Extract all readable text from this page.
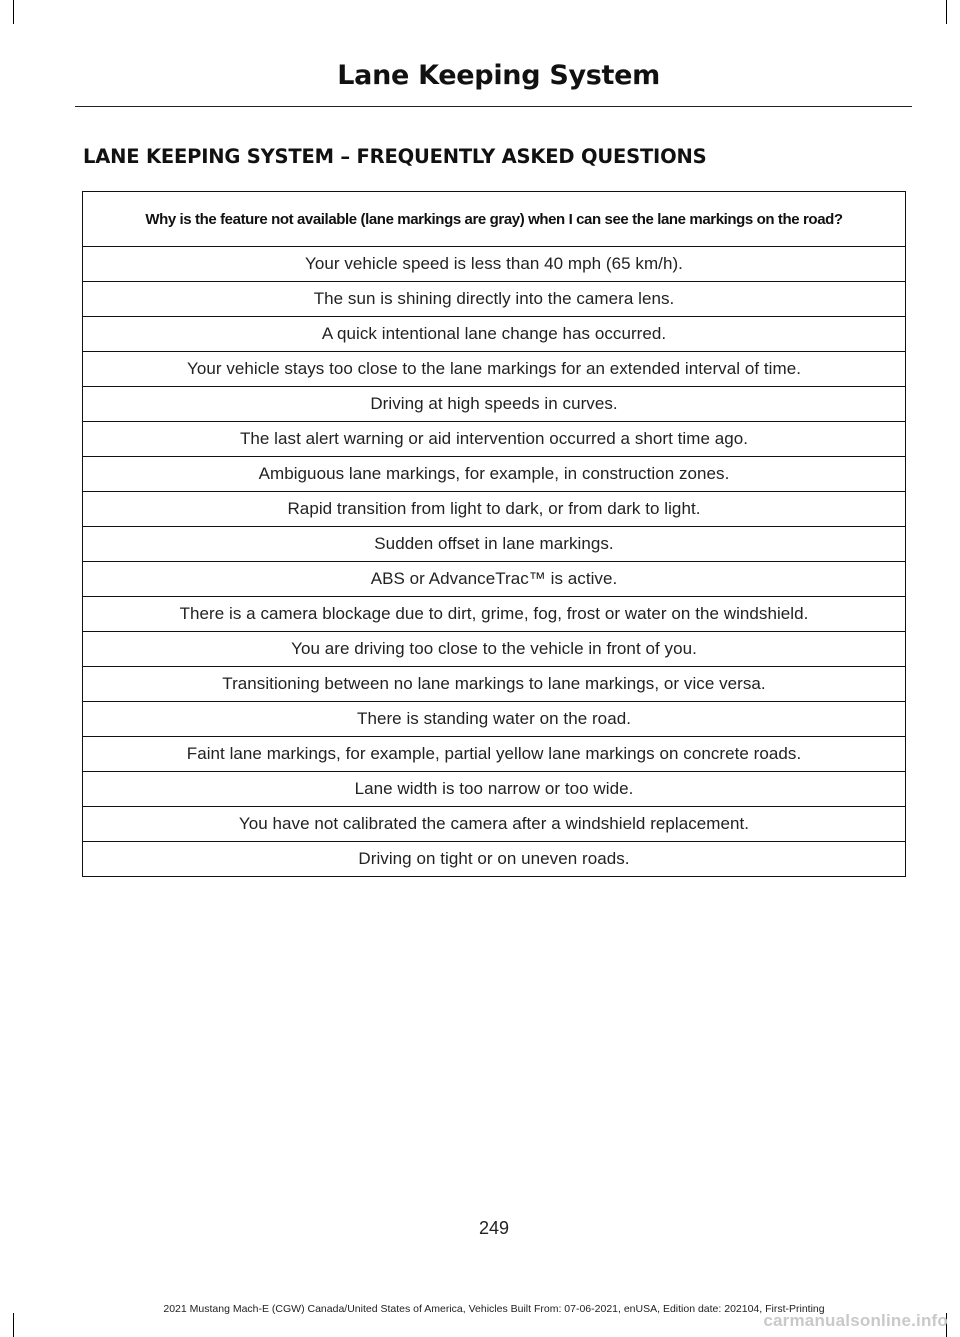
Lane Keeping System
LANE KEEPING SYSTEM – FREQUENTLY ASKED QUESTIONS
Why is the feature not available (lane markings are gray) when I can see the lane markings on the road?
Your vehicle speed is less than 40 mph (65 km/h).
The sun is shining directly into the camera lens.
A quick intentional lane change has occurred.
Your vehicle stays too close to the lane markings for an extended interval of time.
Driving at high speeds in curves.
The last alert warning or aid intervention occurred a short time ago.
Ambiguous lane markings, for example, in construction zones.
Rapid transition from light to dark, or from dark to light.
Sudden offset in lane markings.
ABS or AdvanceTrac™ is active.
There is a camera blockage due to dirt, grime, fog, frost or water on the windshield.
You are driving too close to the vehicle in front of you.
Transitioning between no lane markings to lane markings, or vice versa.
There is standing water on the road.
Faint lane markings, for example, partial yellow lane markings on concrete roads.
Lane width is too narrow or too wide.
You have not calibrated the camera after a windshield replacement.
Driving on tight or on uneven roads.
249
2021 Mustang Mach-E (CGW) Canada/United States of America, Vehicles Built From: 07-06-2021, enUSA, Edition date: 202104, First-Printing
carmanualsonline.info
